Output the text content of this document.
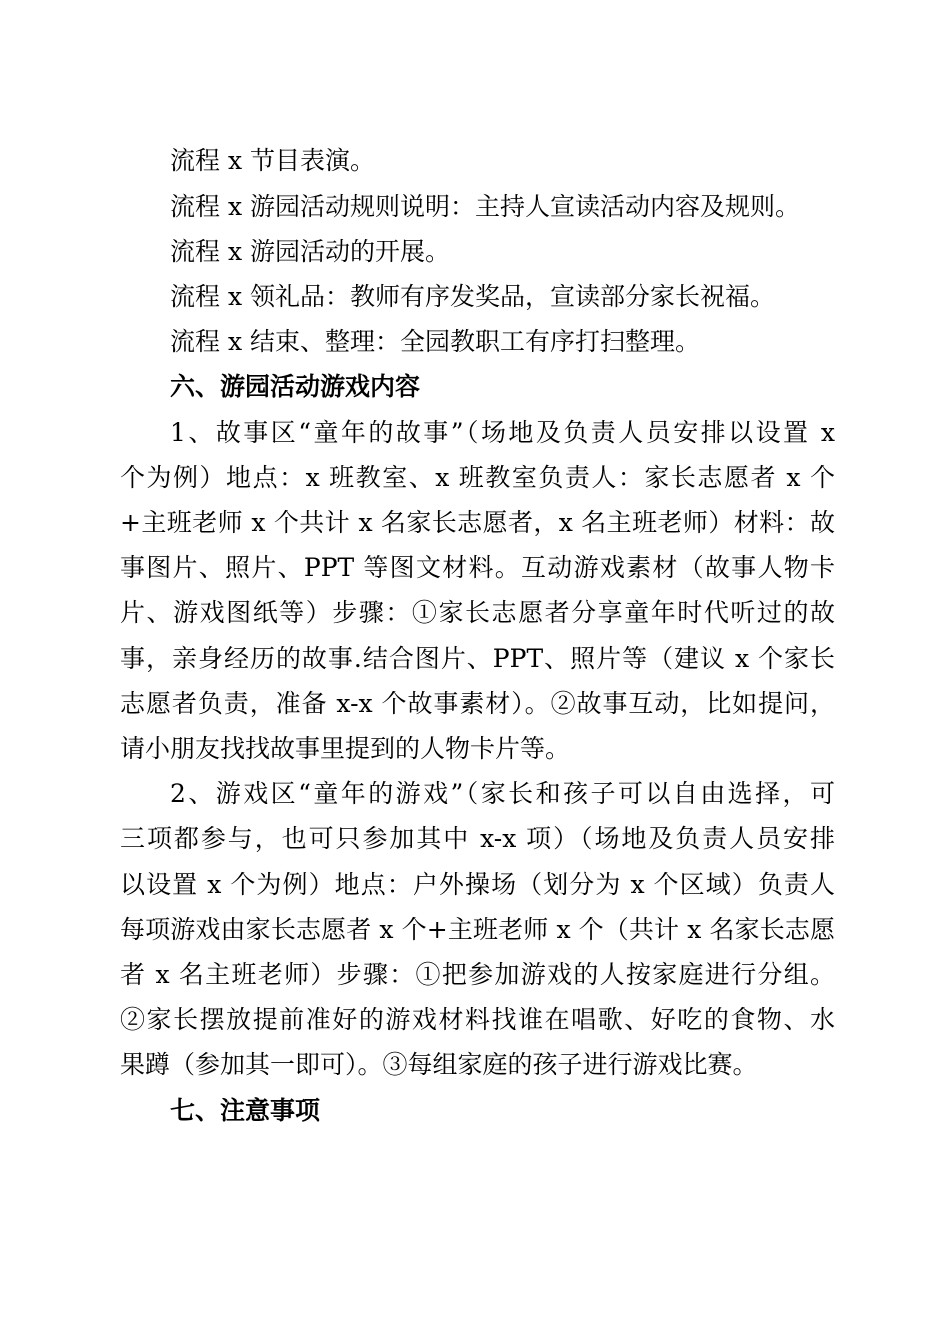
流程 x 节目表演。
流程 x 游园活动规则说明：主持人宣读活动内容及规则。
流程 x 游园活动的开展。
流程 x 领礼品：教师有序发奖品，宣读部分家长祝福。
流程 x 结束、整理：全园教职工有序打扫整理。
六、游园活动游戏内容
1、故事区“童年的故事”（场地及负责人员安排以设置 x
个为例）地点：x 班教室、x 班教室负责人：家长志愿者 x 个
+主班老师 x 个共计 x 名家长志愿者，x 名主班老师）材料：故
事图片、照片、PPT 等图文材料。互动游戏素材（故事人物卡
片、游戏图纸等）步骤：①家长志愿者分享童年时代听过的故
事，亲身经历的故事.结合图片、PPT、照片等（建议 x 个家长
志愿者负责，准备 x-x 个故事素材）。②故事互动，比如提问，
请小朋友找找故事里提到的人物卡片等。
2、游戏区“童年的游戏”（家长和孩子可以自由选择，可
三项都参与，也可只参加其中 x-x 项）（场地及负责人员安排
以设置 x 个为例）地点：户外操场（划分为 x 个区域）负责人
每项游戏由家长志愿者 x 个+主班老师 x 个（共计 x 名家长志愿
者 x 名主班老师）步骤：①把参加游戏的人按家庭进行分组。
②家长摆放提前准好的游戏材料找谁在唱歌、好吃的食物、水
果蹲（参加其一即可）。③每组家庭的孩子进行游戏比赛。
七、注意事项
